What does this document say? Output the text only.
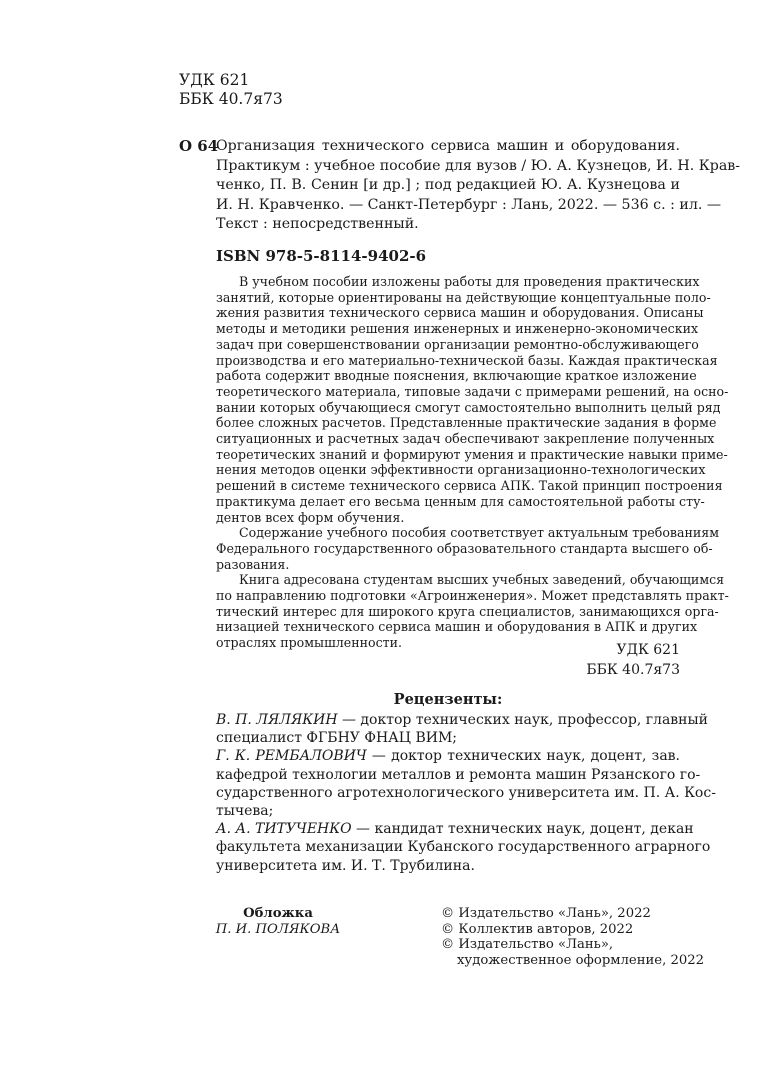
УДК 621
ББК 40.7я73
О 64
Организация технического сервиса машин и оборудования.
Практикум : учебное пособие для вузов / Ю. А. Кузнецов, И. Н. Крав-
ченко, П. В. Сенин [и др.] ; под редакцией Ю. А. Кузнецова и
И. Н. Кравченко. — Санкт-Петербург : Лань, 2022. — 536 с. : ил. —
Текст : непосредственный.
ISBN 978-5-8114-9402-6
В учебном пособии изложены работы для проведения практических
занятий, которые ориентированы на действующие концептуальные поло-
жения развития технического сервиса машин и оборудования. Описаны
методы и методики решения инженерных и инженерно-экономических
задач при совершенствовании организации ремонтно-обслуживающего
производства и его материально-технической базы. Каждая практическая
работа содержит вводные пояснения, включающие краткое изложение
теоретического материала, типовые задачи с примерами решений, на осно-
вании которых обучающиеся смогут самостоятельно выполнить целый ряд
более сложных расчетов. Представленные практические задания в форме
ситуационных и расчетных задач обеспечивают закрепление полученных
теоретических знаний и формируют умения и практические навыки приме-
нения методов оценки эффективности организационно-технологических
решений в системе технического сервиса АПК. Такой принцип построения
практикума делает его весьма ценным для самостоятельной работы сту-
дентов всех форм обучения.
Содержание учебного пособия соответствует актуальным требованиям
Федерального государственного образовательного стандарта высшего об-
разования.
Книга адресована студентам высших учебных заведений, обучающимся
по направлению подготовки «Агроинженерия». Может представлять практ-
тический интерес для широкого круга специалистов, занимающихся орга-
низацией технического сервиса машин и оборудования в АПК и других
отраслях промышленности.	УДК 621
ББК 40.7я73
Рецензенты:
В. П. ЛЯЛЯКИН — доктор технических наук, профессор, главный
специалист ФГБНУ ФНАЦ ВИМ;
Г. К. РЕМБАЛОВИЧ — доктор технических наук, доцент, зав.
кафедрой технологии металлов и ремонта машин Рязанского го-
сударственного агротехнологического университета им. П. А. Кос-
тычева;
А. А. ТИТУЧЕНКО — кандидат технических наук, доцент, декан
факультета механизации Кубанского государственного аграрного
университета им. И. Т. Трубилина.
Обложка
П. И. ПОЛЯКОВА
© Издательство «Лань», 2022
© Коллектив авторов, 2022
© Издательство «Лань»,
художественное оформление, 2022
